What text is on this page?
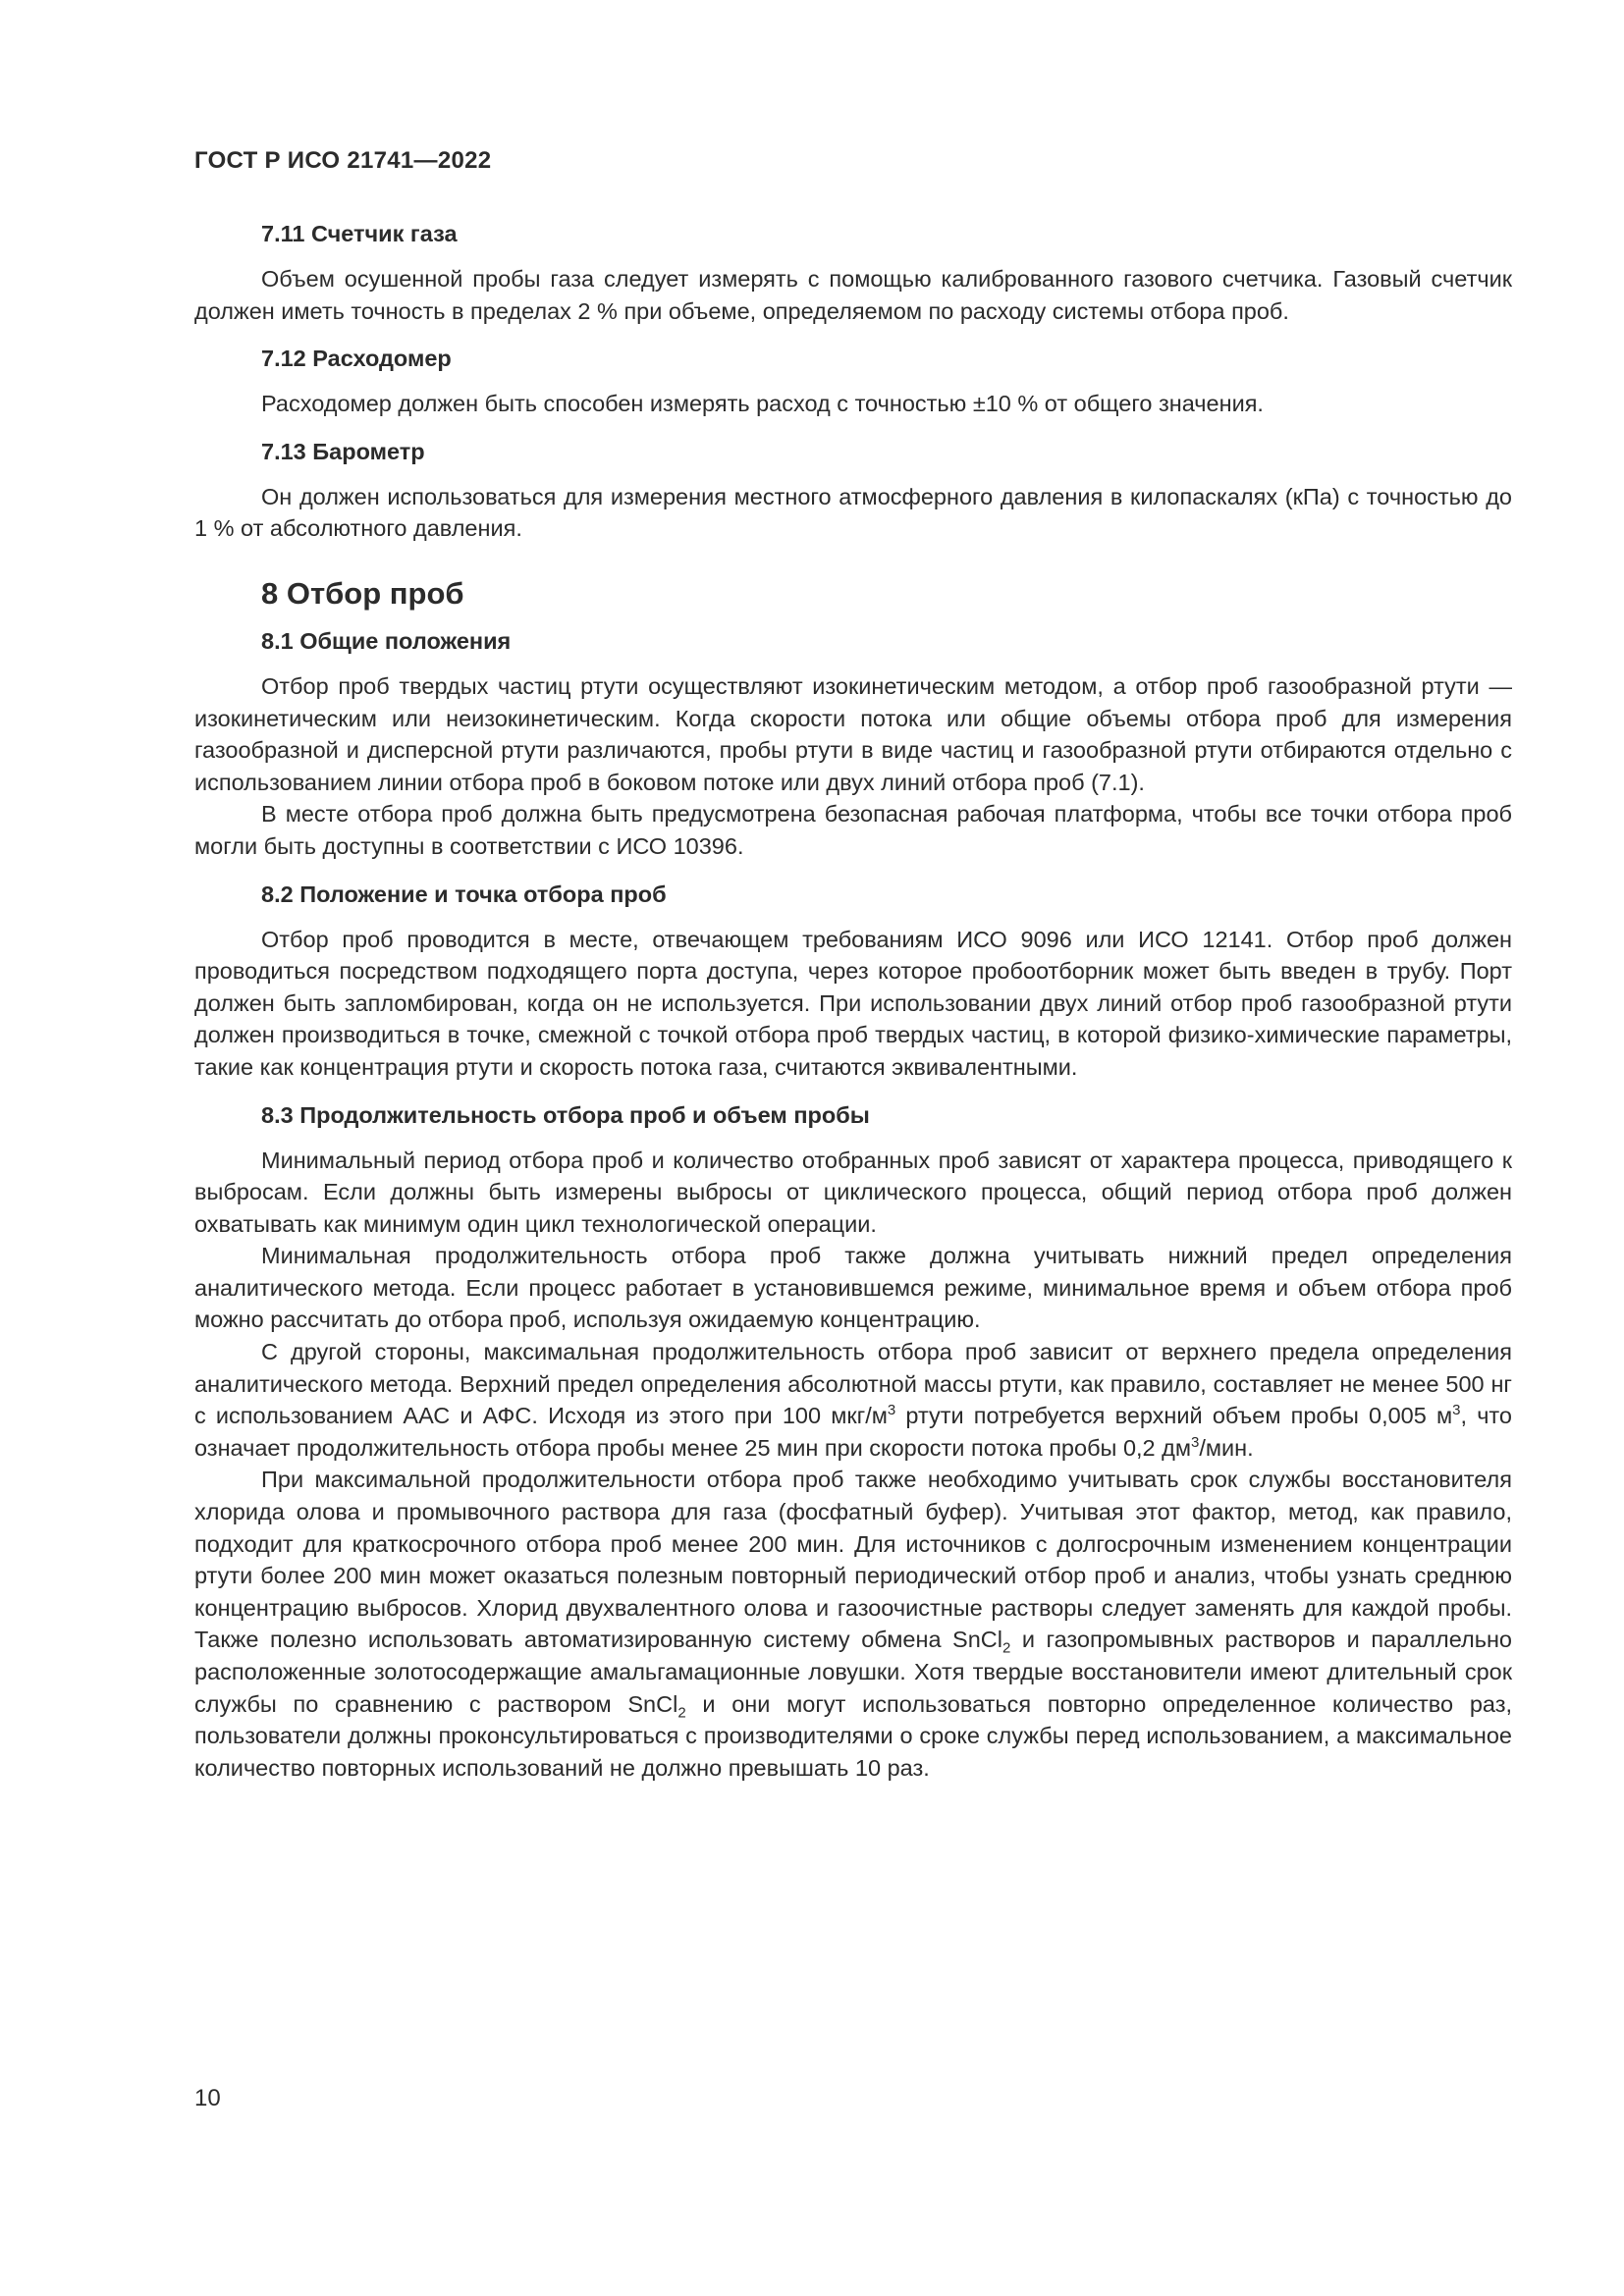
ГОСТ Р ИСО 21741—2022
7.11 Счетчик газа

Объем осушенной пробы газа следует измерять с помощью калиброванного газового счетчика. Газовый счетчик должен иметь точность в пределах 2 % при объеме, определяемом по расходу системы отбора проб.

7.12 Расходомер

Расходомер должен быть способен измерять расход с точностью ±10 % от общего значения.

7.13 Барометр

Он должен использоваться для измерения местного атмосферного давления в килопаскалях (кПа) с точностью до 1 % от абсолютного давления.

8 Отбор проб
8.1 Общие положения

Отбор проб твердых частиц ртути осуществляют изокинетическим методом, а отбор проб газообразной ртути — изокинетическим или неизокинетическим. Когда скорости потока или общие объемы отбора проб для измерения газообразной и дисперсной ртути различаются, пробы ртути в виде частиц и газообразной ртути отбираются отдельно с использованием линии отбора проб в боковом потоке или двух линий отбора проб (7.1).

В месте отбора проб должна быть предусмотрена безопасная рабочая платформа, чтобы все точки отбора проб могли быть доступны в соответствии с ИСО 10396.

8.2 Положение и точка отбора проб

Отбор проб проводится в месте, отвечающем требованиям ИСО 9096 или ИСО 12141. Отбор проб должен проводиться посредством подходящего порта доступа, через которое пробоотборник может быть введен в трубу. Порт должен быть запломбирован, когда он не используется. При использовании двух линий отбор проб газообразной ртути должен производиться в точке, смежной с точкой отбора проб твердых частиц, в которой физико-химические параметры, такие как концентрация ртути и скорость потока газа, считаются эквивалентными.

8.3 Продолжительность отбора проб и объем пробы

Минимальный период отбора проб и количество отобранных проб зависят от характера процесса, приводящего к выбросам. Если должны быть измерены выбросы от циклического процесса, общий период отбора проб должен охватывать как минимум один цикл технологической операции.

Минимальная продолжительность отбора проб также должна учитывать нижний предел определения аналитического метода. Если процесс работает в установившемся режиме, минимальное время и объем отбора проб можно рассчитать до отбора проб, используя ожидаемую концентрацию.

С другой стороны, максимальная продолжительность отбора проб зависит от верхнего предела определения аналитического метода. Верхний предел определения абсолютной массы ртути, как правило, составляет не менее 500 нг с использованием ААС и АФС. Исходя из этого при 100 мкг/$м^3$ ртути потребуется верхний объем пробы 0,005 $м^3$, что означает продолжительность отбора пробы менее 25 мин при скорости потока пробы 0,2 $дм^3$/мин.

При максимальной продолжительности отбора проб также необходимо учитывать срок службы восстановителя хлорида олова и промывочного раствора для газа (фосфатный буфер). Учитывая этот фактор, метод, как правило, подходит для краткосрочного отбора проб менее 200 мин. Для источников с долгосрочным изменением концентрации ртути более 200 мин может оказаться полезным повторный периодический отбор проб и анализ, чтобы узнать среднюю концентрацию выбросов. Хлорид двухвалентного олова и газоочистные растворы следует заменять для каждой пробы. Также полезно использовать автоматизированную систему обмена SnCl$_2$ и газопромывных растворов и параллельно расположенные золотосодержащие амальгамационные ловушки. Хотя твердые восстановители имеют длительный срок службы по сравнению с раствором SnCl$_2$ и они могут использоваться повторно определенное количество раз, пользователи должны проконсультироваться с производителями о сроке службы перед использованием, а максимальное количество повторных использований не должно превышать 10 раз.

10
